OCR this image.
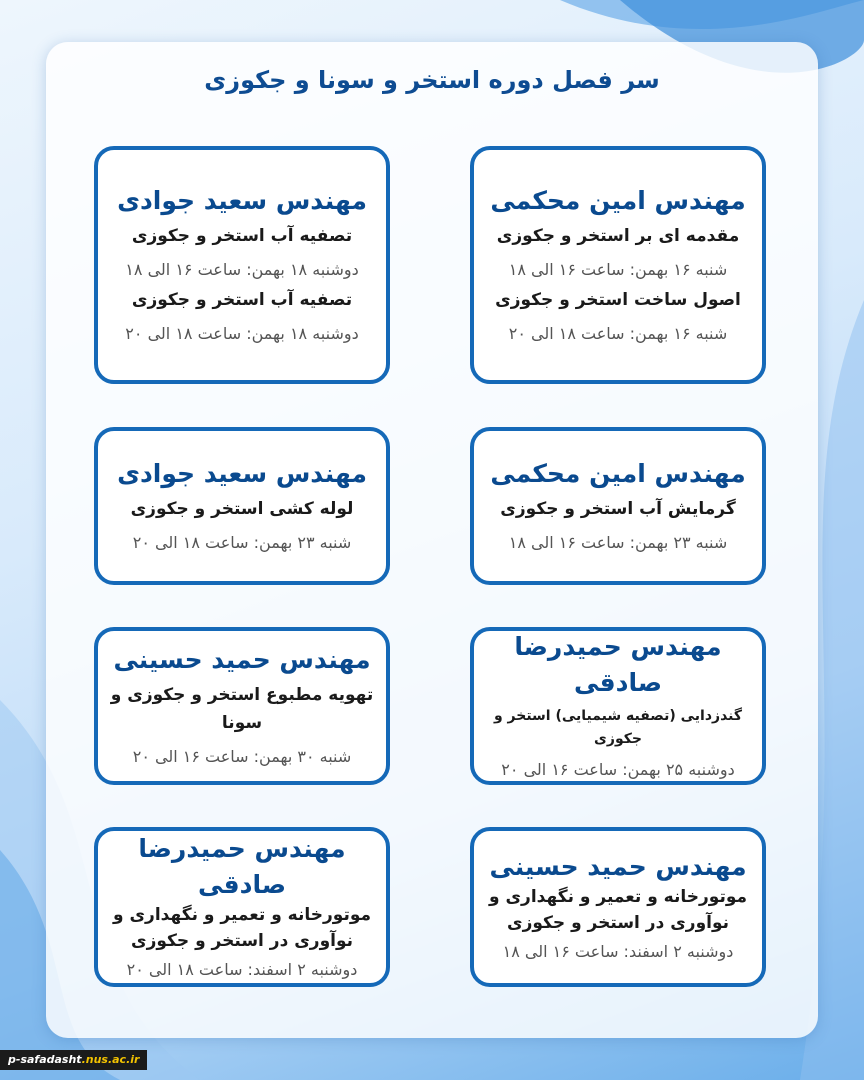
سر فصل دوره استخر و سونا و جکوزی
مهندس امین محکمی
مقدمه ای بر استخر و جکوزی
شنبه ۱۶ بهمن: ساعت ۱۶ الی ۱۸
اصول ساخت استخر و جکوزی
شنبه ۱۶ بهمن: ساعت ۱۸ الی ۲۰
مهندس سعید جوادی
تصفیه آب استخر و جکوزی
دوشنبه ۱۸ بهمن: ساعت ۱۶ الی ۱۸
تصفیه آب استخر و جکوزی
دوشنبه ۱۸ بهمن: ساعت ۱۸ الی ۲۰
مهندس امین محکمی
گرمایش آب استخر و جکوزی
شنبه ۲۳ بهمن: ساعت ۱۶ الی ۱۸
مهندس سعید جوادی
لوله کشی استخر و جکوزی
شنبه ۲۳ بهمن: ساعت ۱۸ الی ۲۰
مهندس حمیدرضا صادقی
گندزدایی (تصفیه شیمیایی) استخر و جکوزی
دوشنبه ۲۵ بهمن: ساعت ۱۶ الی ۲۰
مهندس حمید حسینی
تهویه مطبوع استخر و جکوزی و سونا
شنبه ۳۰ بهمن: ساعت ۱۶ الی ۲۰
مهندس حمید حسینی
موتورخانه و تعمیر و نگهداری و نوآوری در استخر و جکوزی
دوشنبه ۲ اسفند: ساعت ۱۶ الی ۱۸
مهندس حمیدرضا صادقی
موتورخانه و تعمیر و نگهداری و نوآوری در استخر و جکوزی
دوشنبه ۲ اسفند: ساعت ۱۸ الی ۲۰
p-safadasht.nus.ac.ir
